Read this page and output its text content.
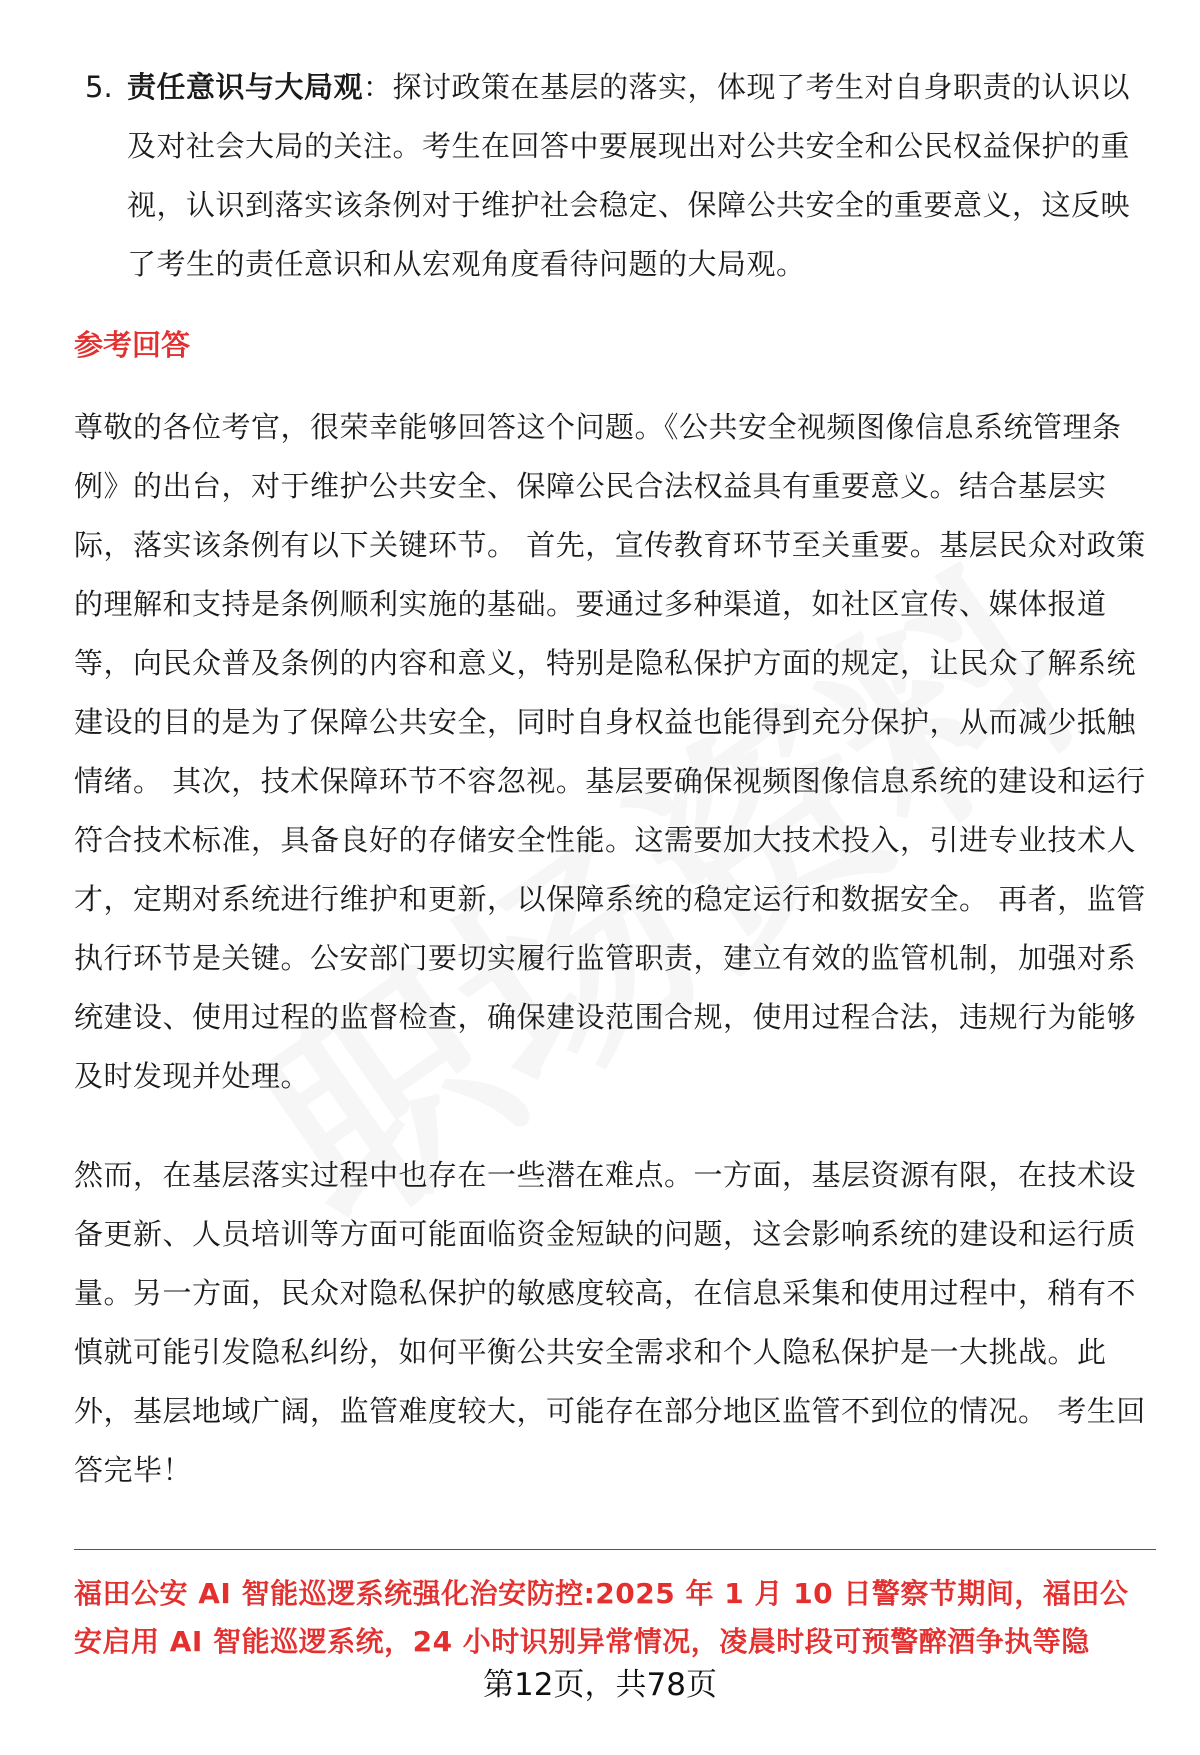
5. 责任意识与大局观：探讨政策在基层的落实，体现了考生对自身职责的认识以及对社会大局的关注。考生在回答中要展现出对公共安全和公民权益保护的重视，认识到落实该条例对于维护社会稳定、保障公共安全的重要意义，这反映了考生的责任意识和从宏观角度看待问题的大局观。
参考回答

尊敬的各位考官，很荣幸能够回答这个问题。《公共安全视频图像信息系统管理条例》的出台，对于维护公共安全、保障公民合法权益具有重要意义。结合基层实际，落实该条例有以下关键环节。 首先，宣传教育环节至关重要。基层民众对政策的理解和支持是条例顺利实施的基础。要通过多种渠道，如社区宣传、媒体报道等，向民众普及条例的内容和意义，特别是隐私保护方面的规定，让民众了解系统建设的目的是为了保障公共安全，同时自身权益也能得到充分保护，从而减少抵触情绪。 其次，技术保障环节不容忽视。基层要确保视频图像信息系统的建设和运行符合技术标准，具备良好的存储安全性能。这需要加大技术投入，引进专业技术人才，定期对系统进行维护和更新，以保障系统的稳定运行和数据安全。 再者，监管执行环节是关键。公安部门要切实履行监管职责，建立有效的监管机制，加强对系统建设、使用过程的监督检查，确保建设范围合规，使用过程合法，违规行为能够及时发现并处理。

然而，在基层落实过程中也存在一些潜在难点。一方面，基层资源有限，在技术设备更新、人员培训等方面可能面临资金短缺的问题，这会影响系统的建设和运行质量。另一方面，民众对隐私保护的敏感度较高，在信息采集和使用过程中，稍有不慎就可能引发隐私纠纷，如何平衡公共安全需求和个人隐私保护是一大挑战。此外，基层地域广阔，监管难度较大，可能存在部分地区监管不到位的情况。 考生回答完毕！

福田公安 AI 智能巡逻系统强化治安防控:2025 年 1 月 10 日警察节期间，福田公安启用 AI 智能巡逻系统，24 小时识别异常情况，凌晨时段可预警醉酒争执等隐
第12页，共78页
